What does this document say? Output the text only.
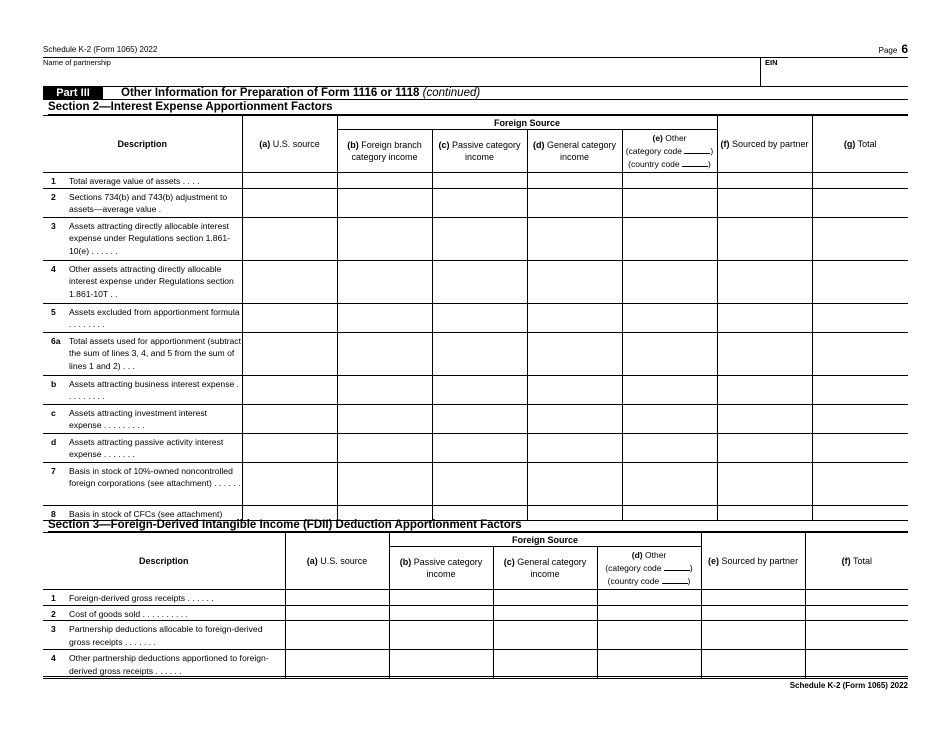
Schedule K-2 (Form 1065) 2022	Page 6
Name of partnership	EIN
Part III	Other Information for Preparation of Form 1116 or 1118 (continued)
Section 2—Interest Expense Apportionment Factors
Description	(a) U.S. source	Foreign Source				(f) Sourced by partner	(g) Total
		(b) Foreign branch category income	(c) Passive category income	(d) General category income	(e) Other
(category code )
(country code )		

1 Total average value of assets . . . .							

2 Sections 734(b) and 743(b) adjustment to assets—average value .							

3 Assets attracting directly allocable interest expense under Regulations section 1.861-10(e) . . . . . .							

4 Other assets attracting directly allocable interest expense under Regulations section 1.861-10T . .							

5 Assets excluded from apportionment formula . . . . . . . .							

6a Total assets used for apportionment (subtract the sum of lines 3, 4, and 5 from the sum of lines 1 and 2) . . .							

b Assets attracting business interest expense . . . . . . . . .							

c Assets attracting investment interest expense . . . . . . . . .							

d Assets attracting passive activity interest expense . . . . . . .							

7 Basis in stock of 10%-owned noncontrolled foreign corporations (see attachment) . . . . . .							

8 Basis in stock of CFCs (see attachment)							

Section 3—Foreign-Derived Intangible Income (FDII) Deduction Apportionment Factors
Description	(a) U.S. source	Foreign Source			(e) Sourced by partner	(f) Total
		(b) Passive category income	(c) General category income	(d) Other
(category code )
(country code )		

1 Foreign-derived gross receipts . . . . . .						

2 Cost of goods sold . . . . . . . . . .						

3 Partnership deductions allocable to foreign-derived gross receipts . . . . . . .						

4 Other partnership deductions apportioned to foreign-derived gross receipts . . . . . .						

Schedule K-2 (Form 1065) 2022
